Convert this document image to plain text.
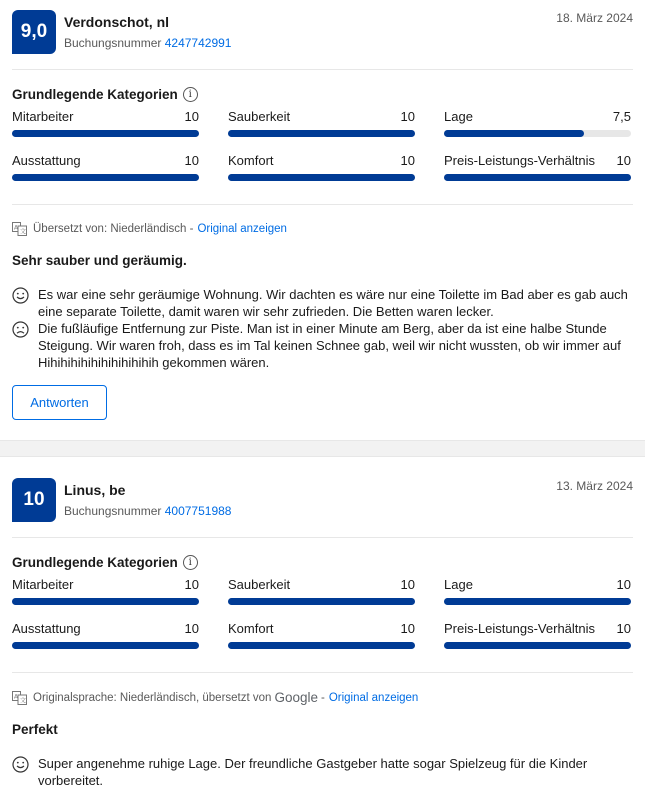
9,0	Verdonschot, nl
Buchungsnummer 4247742991
18. März 2024
Grundlegende Kategorien	i
Mitarbeiter	10 Sauberkeit	10 Lage	7,5
Ausstattung	10 Komfort	10 Preis-Leistungs-Verhältnis 10
A
文 Übersetzt von: Niederländisch - Original anzeigen
Sehr sauber und geräumig.
Es war eine sehr geräumige Wohnung. Wir dachten es wäre nur eine Toilette im Bad aber es gab auch eine separate Toilette, damit waren wir sehr zufrieden. Die Betten waren lecker.
Die fußläufige Entfernung zur Piste. Man ist in einer Minute am Berg, aber da ist eine halbe Stunde Steigung. Wir waren froh, dass es im Tal keinen Schnee gab, weil wir nicht wussten, ob wir immer auf Hihihihihihihihihihihih gekommen wären.
Antworten
10	Linus, be
Buchungsnummer 4007751988
13. März 2024
Grundlegende Kategorien	i
Mitarbeiter	10 Sauberkeit	10 Lage	10
Ausstattung	10 Komfort	10 Preis-Leistungs-Verhältnis 10
A
文 Originalsprache: Niederländisch, übersetzt von Google - Original anzeigen
Perfekt
Super angenehme ruhige Lage. Der freundliche Gastgeber hatte sogar Spielzeug für die Kinder vorbereitet.
